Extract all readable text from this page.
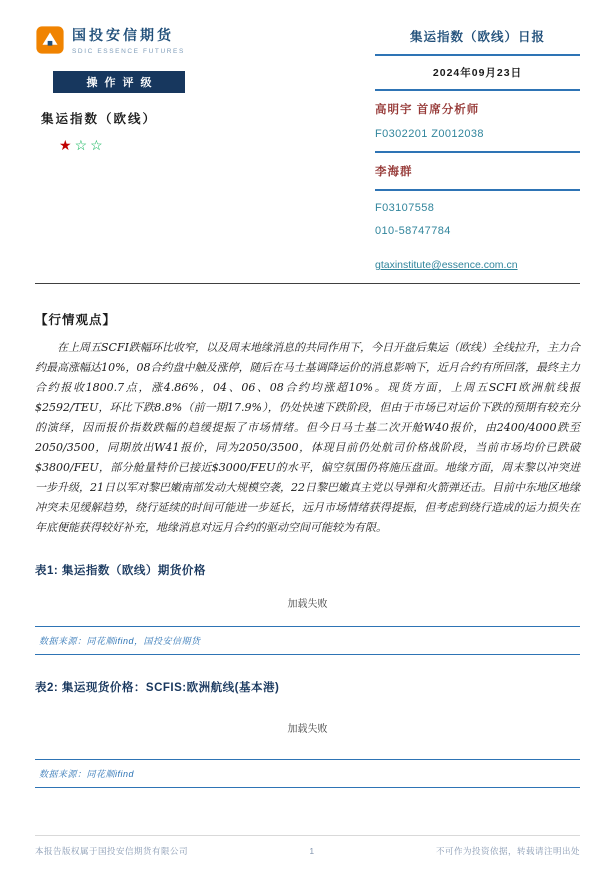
国投安信期货
SDIC ESSENCE FUTURES
操作评级
集运指数（欧线）
★☆☆
集运指数（欧线）日报
2024年09月23日
高明宇 首席分析师
F0302201 Z0012038
李海群
F03107558
010-58747784
gtaxinstitute@essence.com.cn
【行情观点】

在上周五SCFI跌幅环比收窄，以及周末地缘消息的共同作用下，今日开盘后集运（欧线）全线拉升，主力合约最高涨幅达10%，08合约盘中触及涨停，随后在马士基调降运价的消息影响下，近月合约有所回落，最终主力合约报收1800.7点，涨4.86%，04、06、08合约均涨超10%。现货方面，上周五SCFI欧洲航线报$2592/TEU，环比下跌8.8%（前一期17.9%），仍处快速下跌阶段，但由于市场已对运价下跌的预期有较充分的演绎，因而报价指数跌幅的趋缓提振了市场情绪。但今日马士基二次开舱W40报价，由2400/4000跌至2050/3500，同期放出W41报价，同为2050/3500，体现目前仍处航司价格战阶段，当前市场均价已跌破$3800/FEU，部分舱量特价已接近$3000/FEU的水平，偏空氛围仍将施压盘面。地缘方面，周末黎以冲突进一步升级，21日以军对黎巴嫩南部发动大规模空袭，22日黎巴嫩真主党以导弹和火箭弹还击。目前中东地区地缘冲突未见缓解趋势，绕行延续的时间可能进一步延长，远月市场情绪获得提振，但考虑到绕行造成的运力损失在年底便能获得较好补充，地缘消息对远月合约的驱动空间可能较为有限。

表1: 集运指数（欧线）期货价格
加载失败
数据来源：同花顺ifind，国投安信期货
表2: 集运现货价格：SCFIS:欧洲航线(基本港)
加载失败
数据来源：同花顺ifind
本报告版权属于国投安信期货有限公司	1	不可作为投资依据，转载请注明出处
